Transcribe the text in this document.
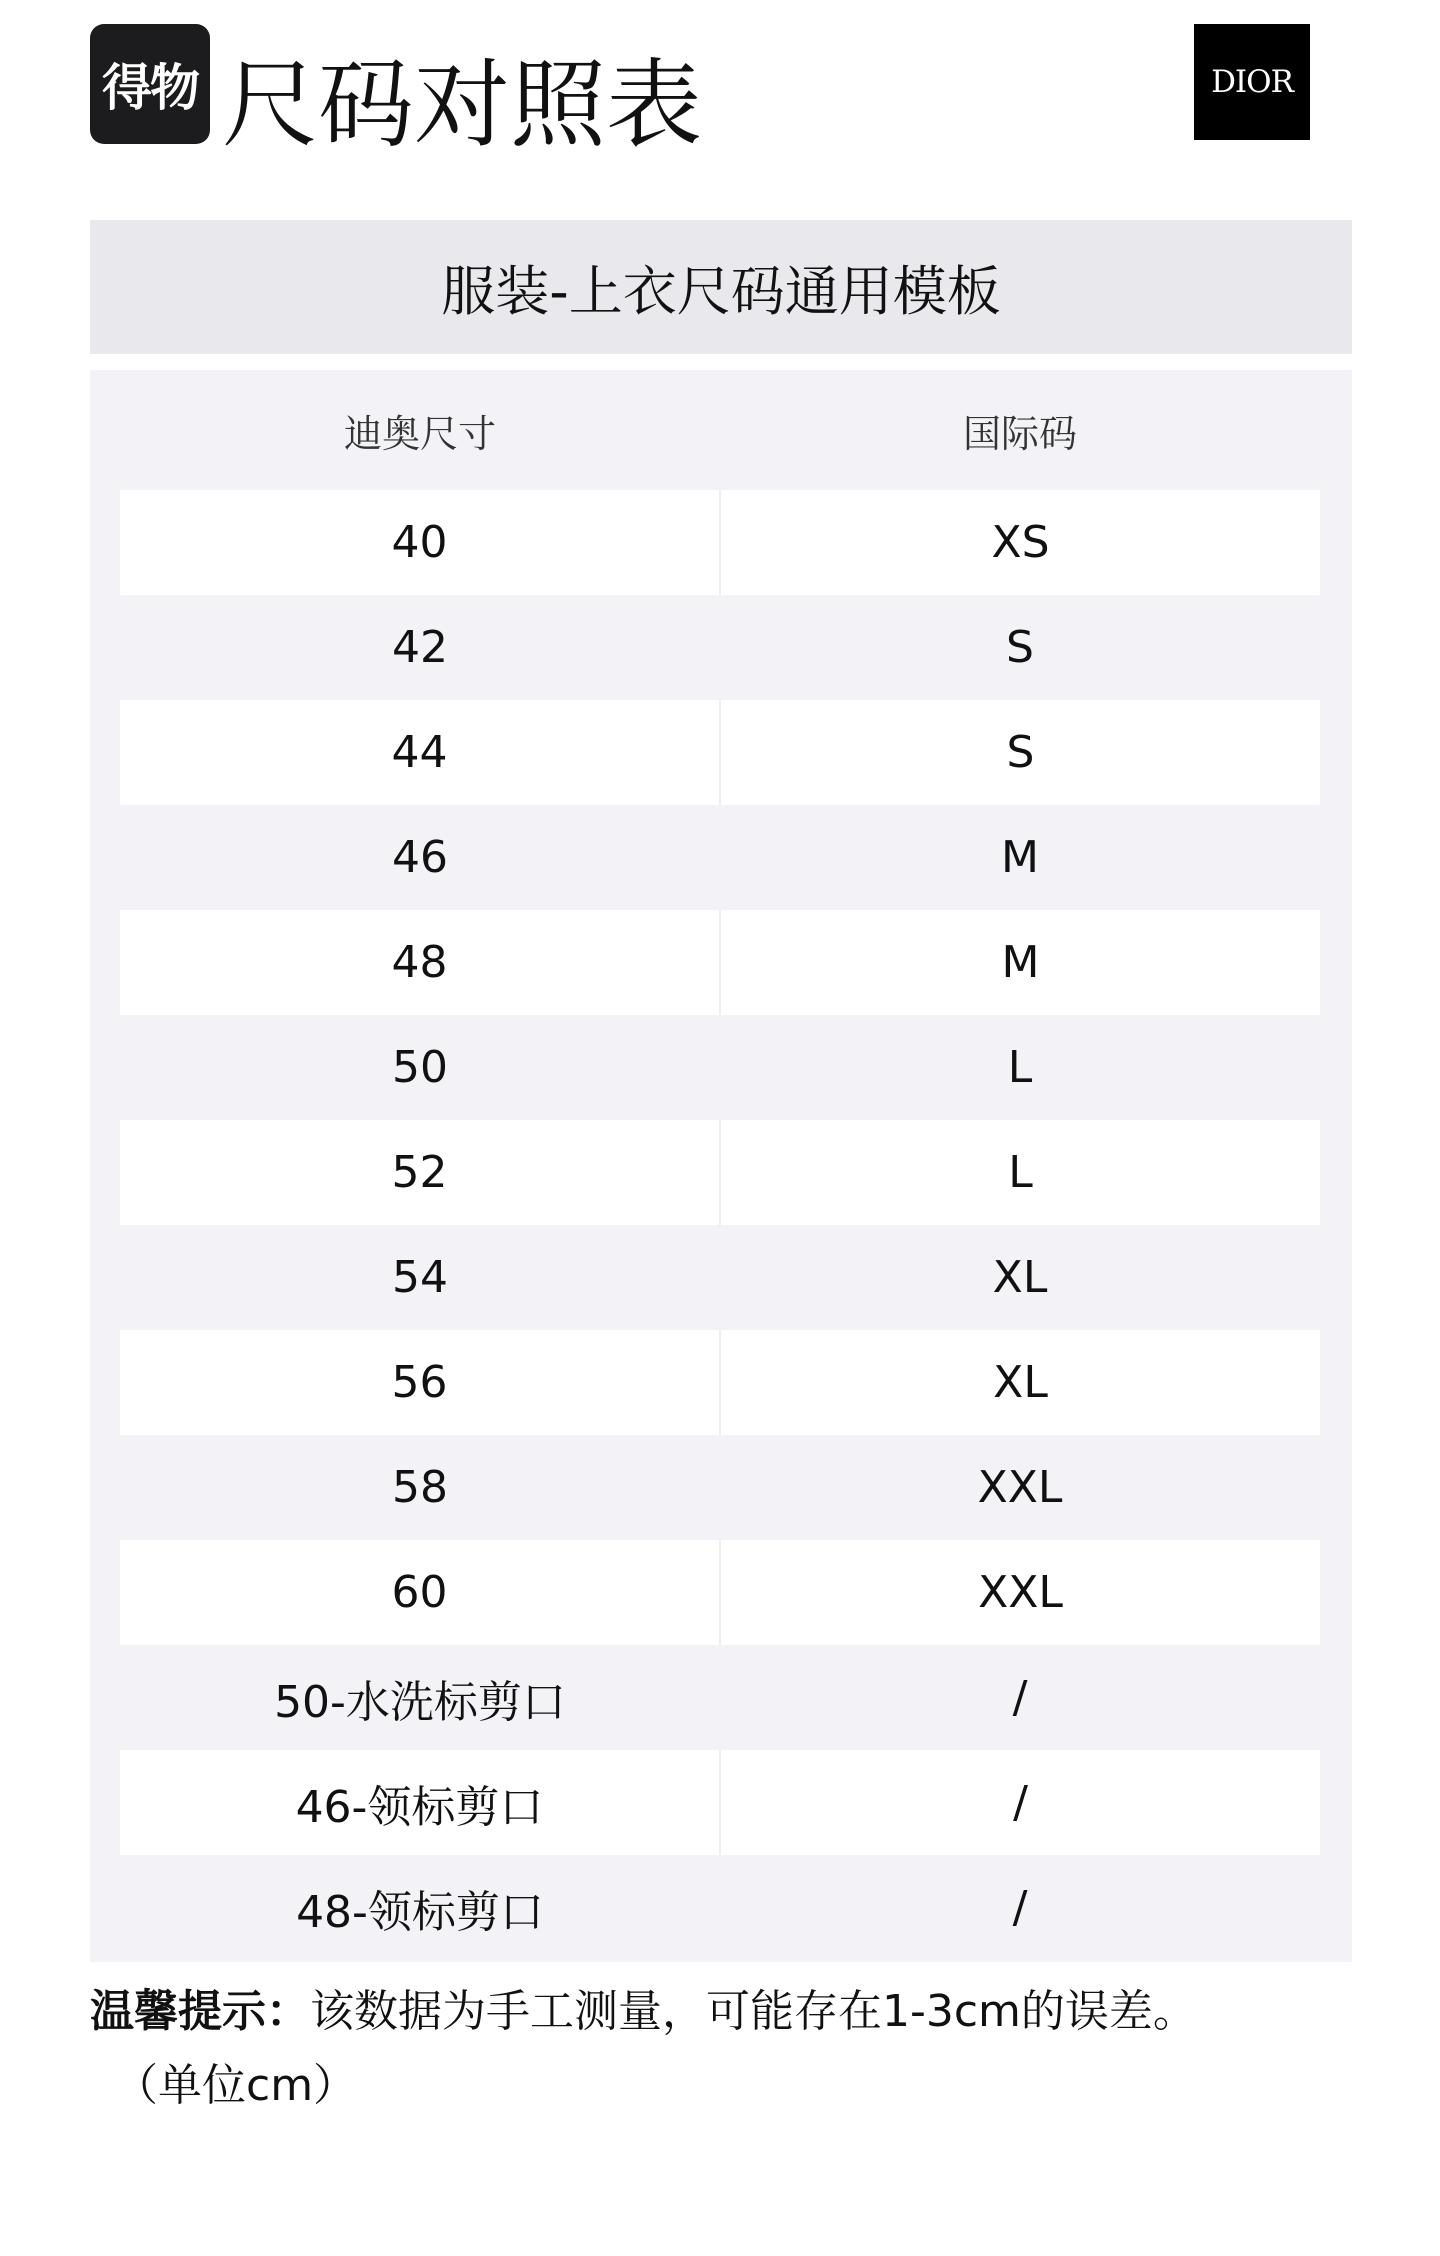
得物 尺码对照表	DIOR
服装-上衣尺码通用模板
迪奥尺寸	国际码
40	XS
42	S
44	S
46	M
48	M
50	L
52	L
54	XL
56	XL
58	XXL
60	XXL
50-水洗标剪口	/
46-领标剪口	/
48-领标剪口	/
温馨提示：该数据为手工测量，可能存在1-3cm的误差。
（单位cm）
